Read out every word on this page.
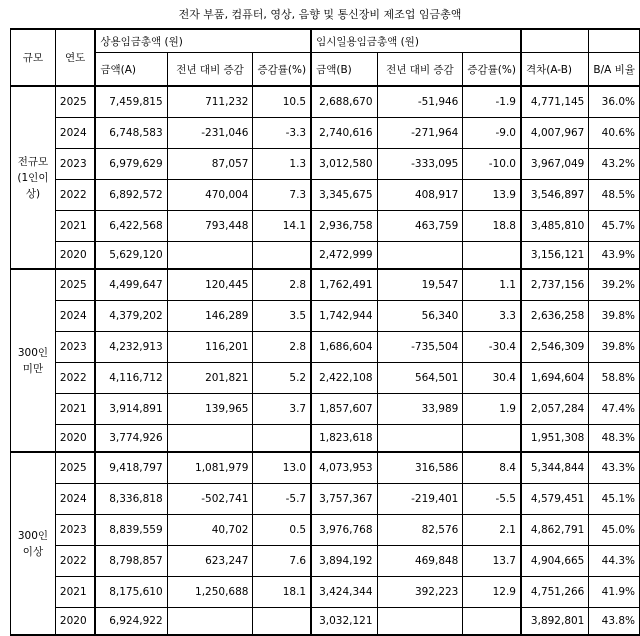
전자 부품, 컴퓨터, 영상, 음향 및 통신장비 제조업 임금총액
규모	연도	상용임금총액 (원)			임시일용임금총액 (원)				
		금액(A)	전년 대비 증감	증감률(%)	금액(B)	전년 대비 증감	증감률(%)	격차(A-B)	B/A 비율

전규모
(1인이
상)	2025	7,459,815	711,232	10.5	2,688,670	-51,946	-1.9	4,771,145	36.0%
	2024	6,748,583	-231,046	-3.3	2,740,616	-271,964	-9.0	4,007,967	40.6%
	2023	6,979,629	87,057	1.3	3,012,580	-333,095	-10.0	3,967,049	43.2%
	2022	6,892,572	470,004	7.3	3,345,675	408,917	13.9	3,546,897	48.5%
	2021	6,422,568	793,448	14.1	2,936,758	463,759	18.8	3,485,810	45.7%
	2020	5,629,120			2,472,999			3,156,121	43.9%

300인
미만	2025	4,499,647	120,445	2.8	1,762,491	19,547	1.1	2,737,156	39.2%
	2024	4,379,202	146,289	3.5	1,742,944	56,340	3.3	2,636,258	39.8%
	2023	4,232,913	116,201	2.8	1,686,604	-735,504	-30.4	2,546,309	39.8%
	2022	4,116,712	201,821	5.2	2,422,108	564,501	30.4	1,694,604	58.8%
	2021	3,914,891	139,965	3.7	1,857,607	33,989	1.9	2,057,284	47.4%
	2020	3,774,926			1,823,618			1,951,308	48.3%

300인
이상	2025	9,418,797	1,081,979	13.0	4,073,953	316,586	8.4	5,344,844	43.3%
	2024	8,336,818	-502,741	-5.7	3,757,367	-219,401	-5.5	4,579,451	45.1%
	2023	8,839,559	40,702	0.5	3,976,768	82,576	2.1	4,862,791	45.0%
	2022	8,798,857	623,247	7.6	3,894,192	469,848	13.7	4,904,665	44.3%
	2021	8,175,610	1,250,688	18.1	3,424,344	392,223	12.9	4,751,266	41.9%
	2020	6,924,922			3,032,121			3,892,801	43.8%
